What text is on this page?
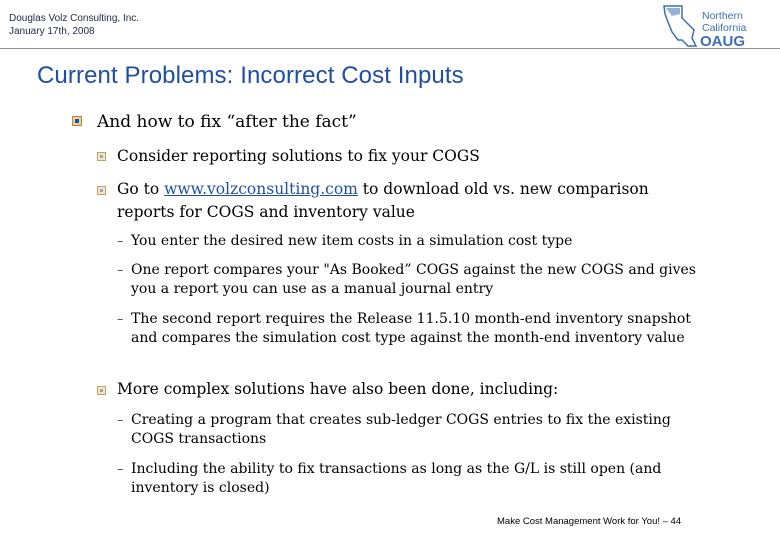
Douglas Volz Consulting, Inc.
January 17th, 2008
Northern
California
OAUG
Current Problems: Incorrect Cost Inputs
And how to fix “after the fact”
Consider reporting solutions to fix your COGS
Go to www.volzconsulting.com to download old vs. new comparison
reports for COGS and inventory value
– You enter the desired new item costs in a simulation cost type
– One report compares your "As Booked” COGS against the new COGS and gives you a report you can use as a manual journal entry
– The second report requires the Release 11.5.10 month-end inventory snapshot and compares the simulation cost type against the month-end inventory value
More complex solutions have also been done, including:
– Creating a program that creates sub-ledger COGS entries to fix the existing COGS transactions
– Including the ability to fix transactions as long as the G/L is still open (and inventory is closed)
Make Cost Management Work for You! – 44
